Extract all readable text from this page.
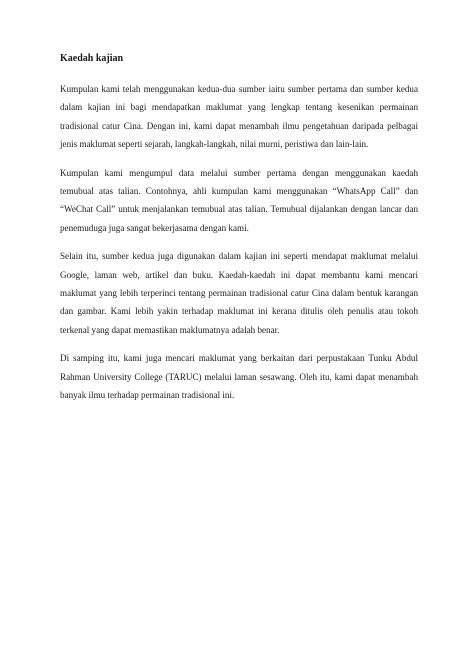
Kaedah kajian

Kumpulan kami telah menggunakan kedua-dua sumber iaitu sumber pertama dan sumber kedua dalam kajian ini bagi mendapatkan maklumat yang lengkap tentang kesenikan permainan tradisional catur Cina. Dengan ini, kami dapat menambah ilmu pengetahuan daripada pelbagai jenis maklumat seperti sejarah, langkah-langkah, nilai murni, peristiwa dan lain-lain.

Kumpulan kami mengumpul data melalui sumber pertama dengan menggunakan kaedah temubual atas talian. Contohnya, ahli kumpulan kami menggunakan “WhatsApp Call” dan “WeChat Call” untuk menjalankan temubual atas talian. Temubual dijalankan dengan lancar dan penemuduga juga sangat bekerjasama dengan kami.

Selain itu, sumber kedua juga digunakan dalam kajian ini seperti mendapat maklumat melalui Google, laman web, artikel dan buku. Kaedah-kaedah ini dapat membantu kami mencari maklumat yang lebih terperinci tentang permainan tradisional catur Cina dalam bentuk karangan dan gambar. Kami lebih yakin terhadap maklumat ini kerana ditulis oleh penulis atau tokoh terkenal yang dapat memastikan maklumatnya adalah benar.

Di samping itu, kami juga mencari maklumat yang berkaitan dari perpustakaan Tunku Abdul Rahman University College (TARUC) melalui laman sesawang. Oleh itu, kami dapat menambah banyak ilmu terhadap permainan tradisional ini.
